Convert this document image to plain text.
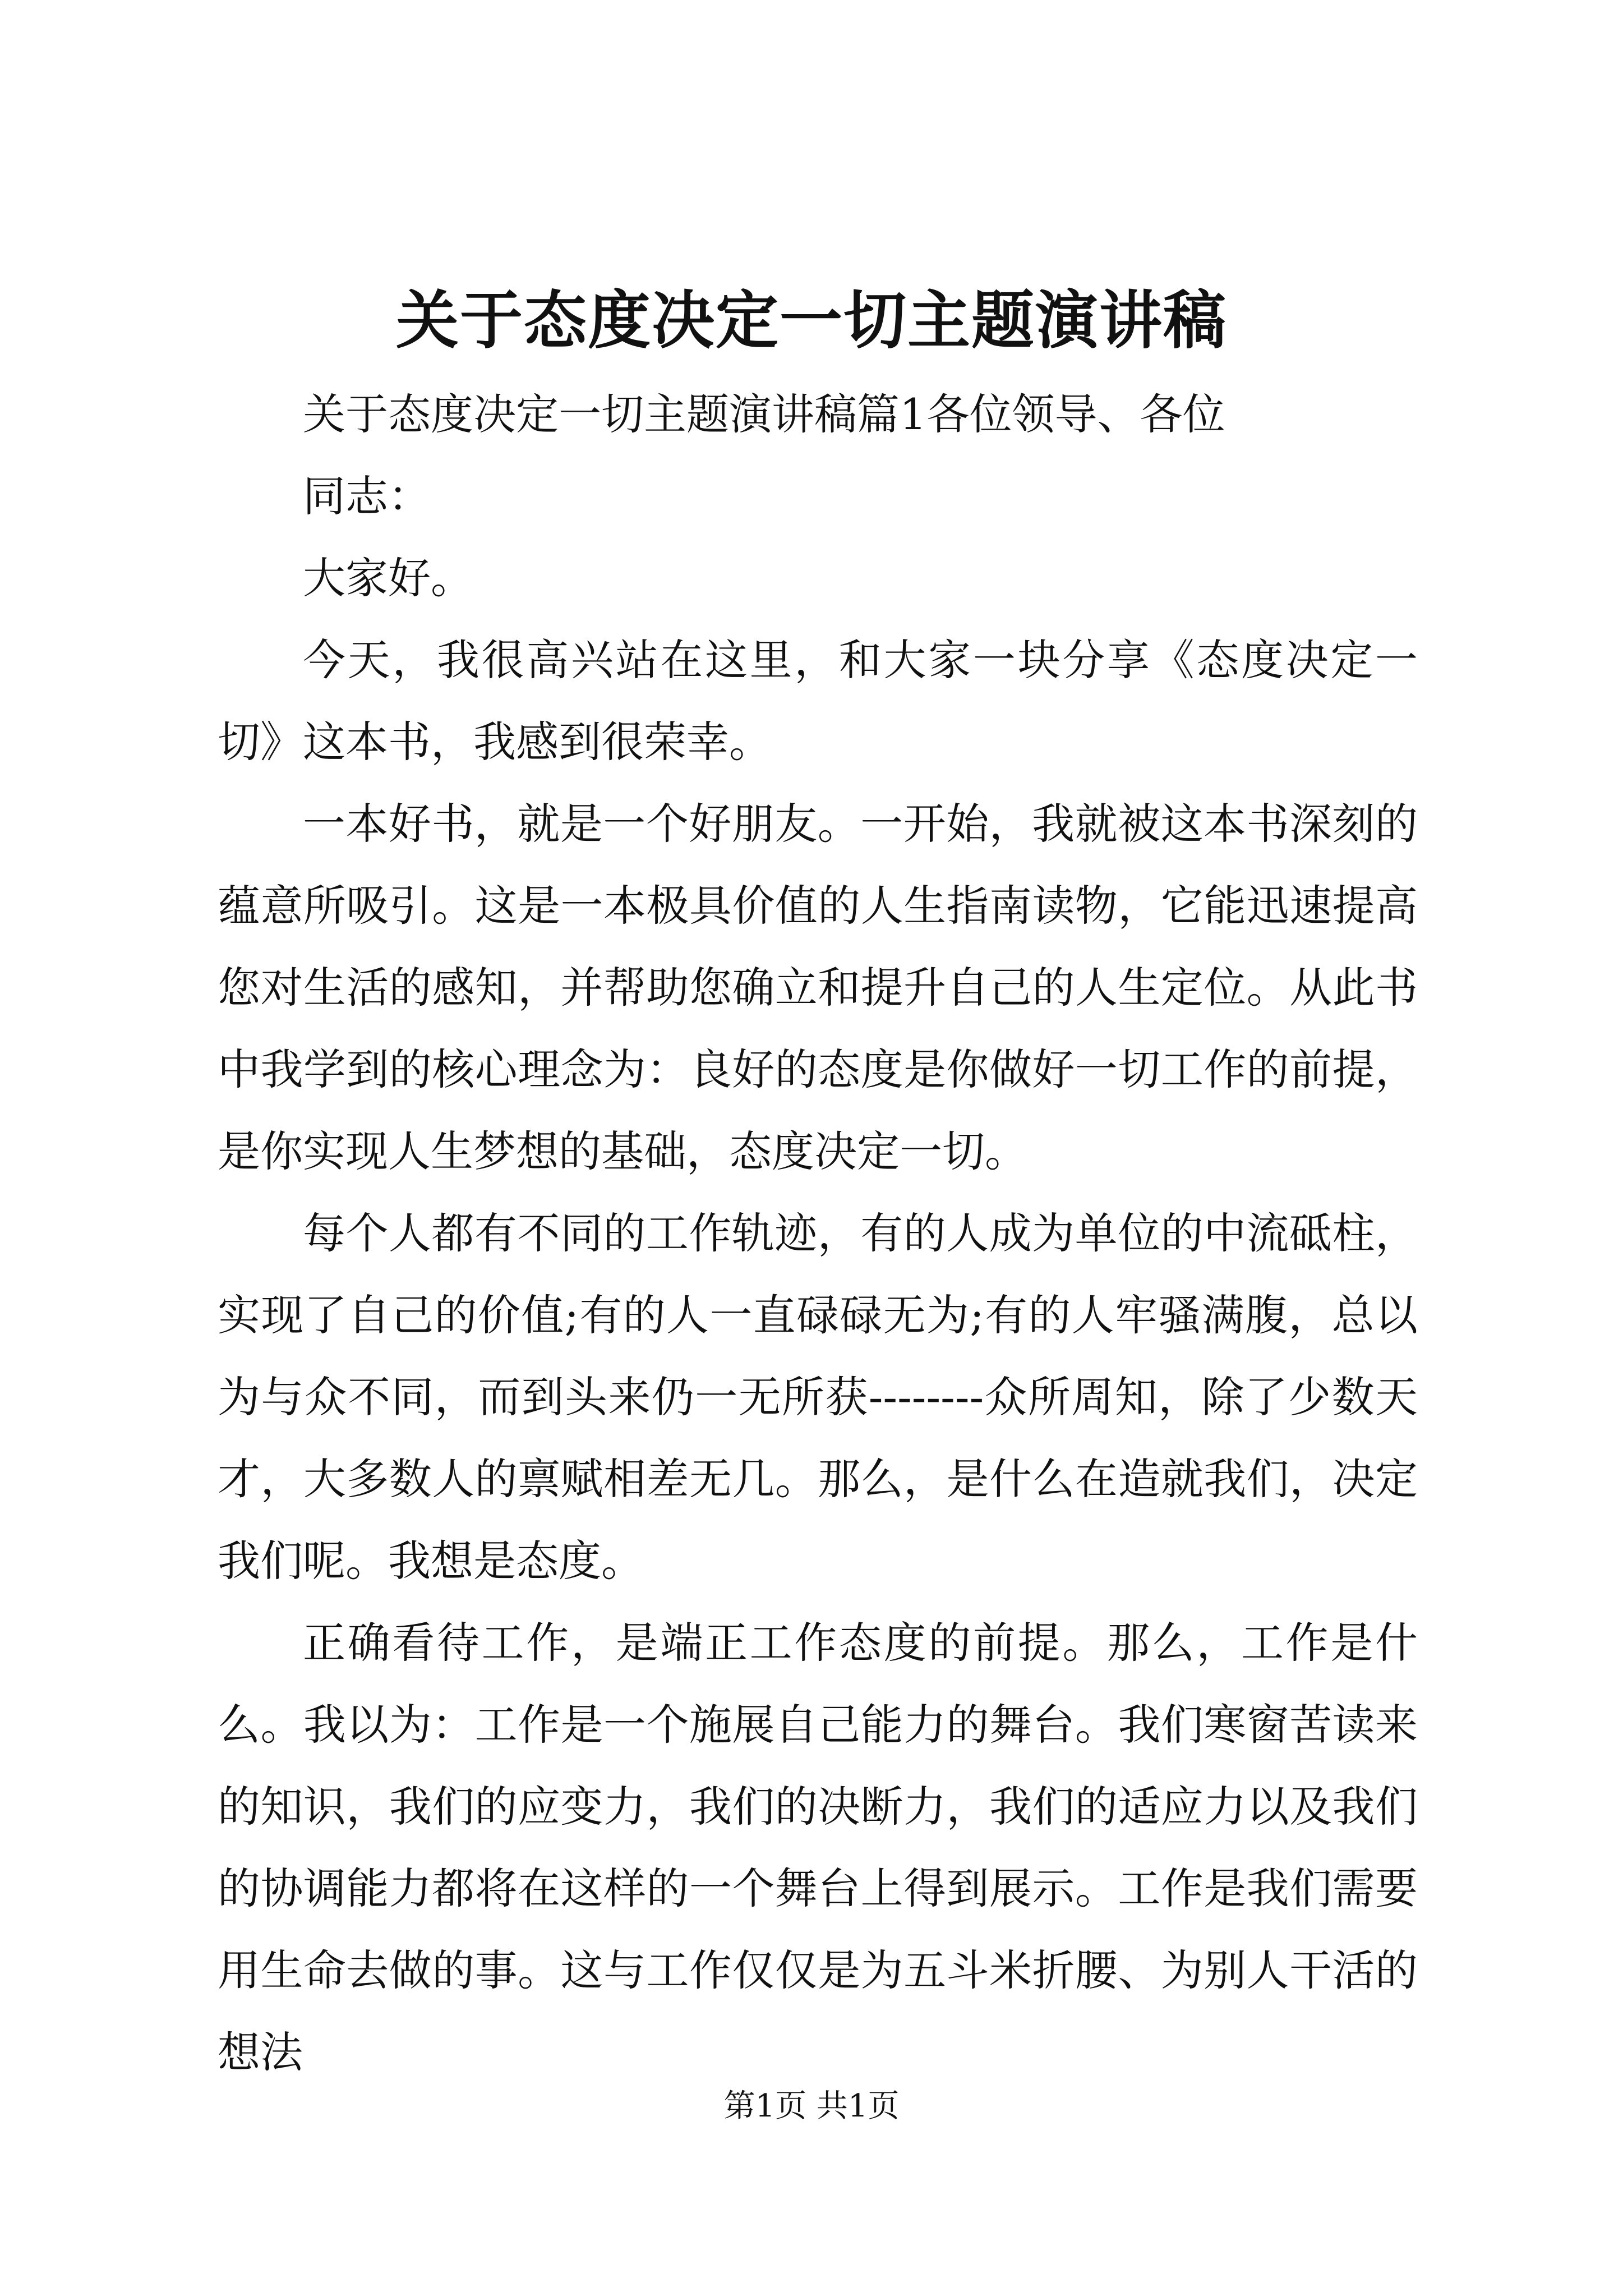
关于态度决定一切主题演讲稿

关于态度决定一切主题演讲稿篇1各位领导、各位

同志：

大家好。

今天，我很高兴站在这里，和大家一块分享《态度决定一切》这本书，我感到很荣幸。

一本好书，就是一个好朋友。一开始，我就被这本书深刻的蕴意所吸引。这是一本极具价值的人生指南读物，它能迅速提高您对生活的感知，并帮助您确立和提升自己的人生定位。从此书中我学到的核心理念为：良好的态度是你做好一切工作的前提，是你实现人生梦想的基础，态度决定一切。

每个人都有不同的工作轨迹，有的人成为单位的中流砥柱，实现了自己的价值;有的人一直碌碌无为;有的人牢骚满腹，总以为与众不同，而到头来仍一无所获--------众所周知，除了少数天才，大多数人的禀赋相差无几。那么，是什么在造就我们，决定我们呢。我想是态度。

正确看待工作，是端正工作态度的前提。那么，工作是什么。我以为：工作是一个施展自己能力的舞台。我们寒窗苦读来的知识，我们的应变力，我们的决断力，我们的适应力以及我们的协调能力都将在这样的一个舞台上得到展示。工作是我们需要用生命去做的事。这与工作仅仅是为五斗米折腰、为别人干活的想法

第1页 共1页
